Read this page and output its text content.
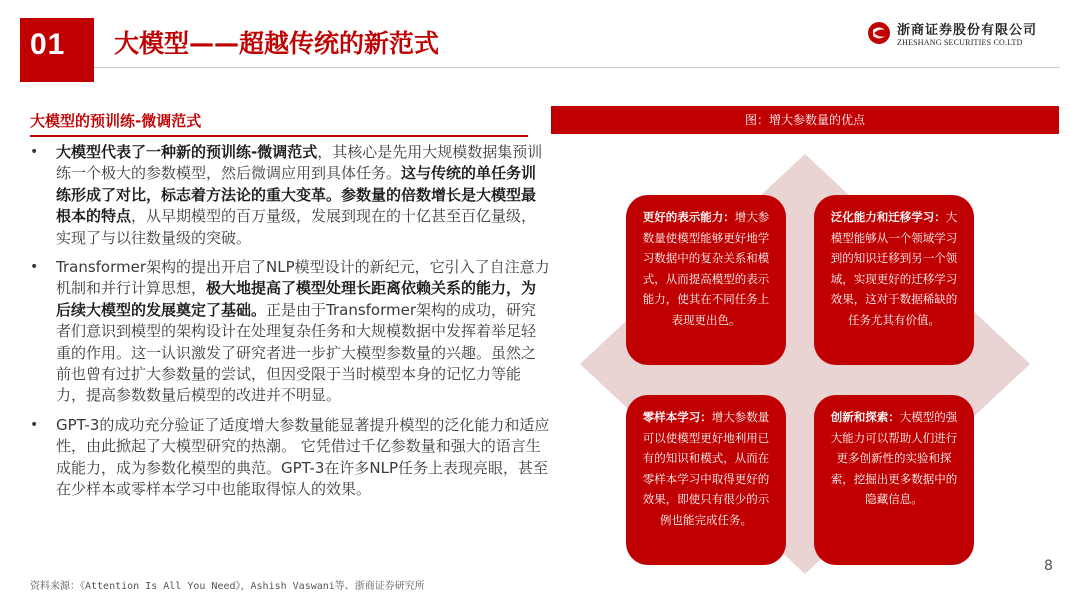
01 大模型——超越传统的新范式	浙商证券股份有限公司
ZHESHANG SECURITIES CO.LTD
大模型的预训练-微调范式
• 大模型代表了一种新的预训练-微调范式，其核心是先用大规模数据集预训练一个极大的参数模型，然后微调应用到具体任务。这与传统的单任务训练形成了对比，标志着方法论的重大变革。参数量的倍数增长是大模型最根本的特点，从早期模型的百万量级，发展到现在的十亿甚至百亿量级，实现了与以往数量级的突破。
• Transformer架构的提出开启了NLP模型设计的新纪元，它引入了自注意力机制和并行计算思想，极大地提高了模型处理长距离依赖关系的能力，为后续大模型的发展奠定了基础。正是由于Transformer架构的成功，研究者们意识到模型的架构设计在处理复杂任务和大规模数据中发挥着举足轻重的作用。这一认识激发了研究者进一步扩大模型参数量的兴趣。虽然之前也曾有过扩大参数量的尝试，但因受限于当时模型本身的记忆力等能力，提高参数数量后模型的改进并不明显。
• GPT-3的成功充分验证了适度增大参数量能显著提升模型的泛化能力和适应性，由此掀起了大模型研究的热潮。 它凭借过千亿参数量和强大的语言生成能力，成为参数化模型的典范。GPT-3在许多NLP任务上表现亮眼，甚至在少样本或零样本学习中也能取得惊人的效果。
资料来源：《Attention Is All You Need》，Ashish Vaswani等、浙商证券研究所
8
图：增大参数量的优点
更好的表示能力：增大参数量使模型能够更好地学习数据中的复杂关系和模式，从而提高模型的表示能力，使其在不同任务上表现更出色。
泛化能力和迁移学习：大模型能够从一个领域学习到的知识迁移到另一个领域，实现更好的迁移学习效果，这对于数据稀缺的任务尤其有价值。
零样本学习：增大参数量可以使模型更好地利用已有的知识和模式，从而在零样本学习中取得更好的效果，即使只有很少的示例也能完成任务。
创新和探索：大模型的强大能力可以帮助人们进行更多创新性的实验和探索，挖掘出更多数据中的隐藏信息。
